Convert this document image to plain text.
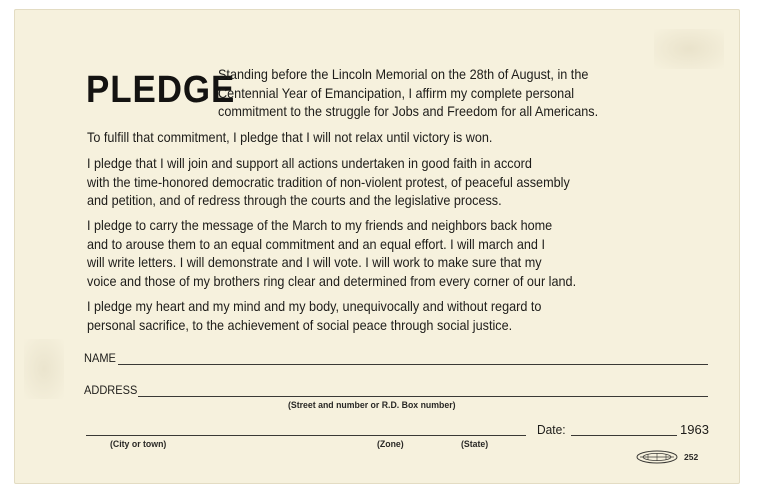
PLEDGE
Standing before the Lincoln Memorial on the 28th of August, in the
Centennial Year of Emancipation, I affirm my complete personal
commitment to the struggle for Jobs and Freedom for all Americans.
To fulfill that commitment, I pledge that I will not relax until victory is won.
I pledge that I will join and support all actions undertaken in good faith in accord
with the time-honored democratic tradition of non-violent protest, of peaceful assembly
and petition, and of redress through the courts and the legislative process.
I pledge to carry the message of the March to my friends and neighbors back home
and to arouse them to an equal commitment and an equal effort. I will march and I
will write letters. I will demonstrate and I will vote. I will work to make sure that my
voice and those of my brothers ring clear and determined from every corner of our land.
I pledge my heart and my mind and my body, unequivocally and without regard to
personal sacrifice, to the achievement of social peace through social justice.
NAME
ADDRESS
(Street and number or R.D. Box number)
(City or town)	(Zone)	(State)
Date:	1963
252
